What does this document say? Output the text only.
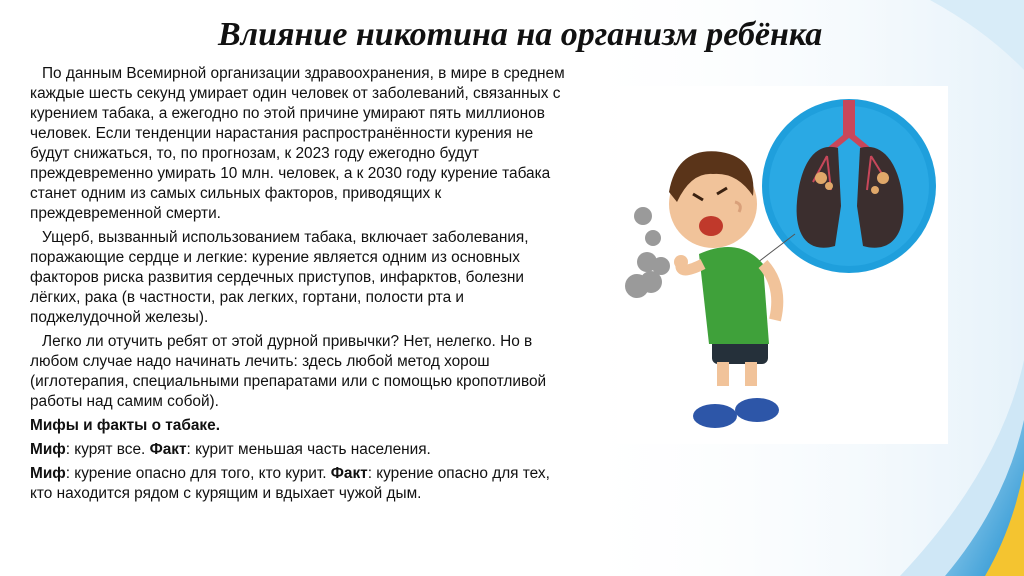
Влияние никотина на организм ребёнка

По данным Всемирной организации здравоохранения, в мире в среднем каждые шесть секунд умирает один человек от заболеваний, связанных с курением табака, а ежегодно по этой причине умирают пять миллионов человек. Если тенденции нарастания распространённости курения не будут снижаться, то, по прогнозам, к 2023 году ежегодно будут преждевременно умирать 10 млн. человек, а к 2030 году курение табака станет одним из самых сильных факторов, приводящих к преждевременной смерти.

Ущерб, вызванный использованием табака, включает заболевания, поражающие сердце и легкие: курение является одним из основных факторов риска развития сердечных приступов, инфарктов, болезни лёгких, рака (в частности, рак легких, гортани, полости рта и поджелудочной железы).

Легко ли отучить ребят от этой дурной привычки? Нет, нелегко. Но в любом случае надо начинать лечить: здесь любой метод хорош (иглотерапия, специальными препаратами или с помощью кропотливой работы над самим собой).

Мифы и факты о табаке.

Миф: курят все. Факт: курит меньшая часть населения.

Миф: курение опасно для того, кто курит. Факт: курение опасно для тех, кто находится рядом с курящим и вдыхает чужой дым.
